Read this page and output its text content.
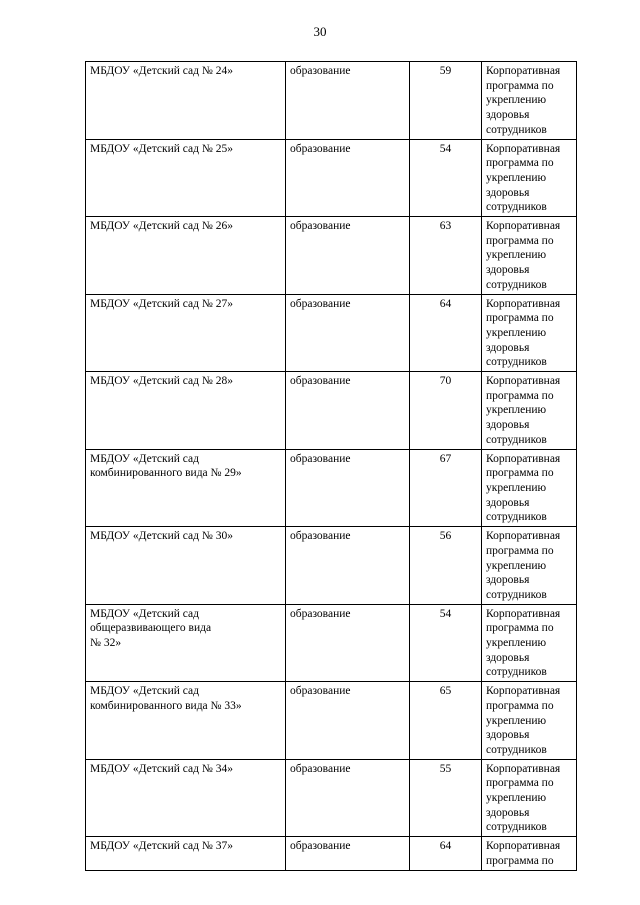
30
МБДОУ «Детский сад № 24»	образование	59	Корпоративная
программа по
укреплению
здоровья
сотрудников

МБДОУ «Детский сад № 25»	образование	54	Корпоративная
программа по
укреплению
здоровья
сотрудников

МБДОУ «Детский сад № 26»	образование	63	Корпоративная
программа по
укреплению
здоровья
сотрудников

МБДОУ «Детский сад № 27»	образование	64	Корпоративная
программа по
укреплению
здоровья
сотрудников

МБДОУ «Детский сад № 28»	образование	70	Корпоративная
программа по
укреплению
здоровья
сотрудников

МБДОУ «Детский сад
комбинированного вида № 29»	образование	67	Корпоративная
программа по
укреплению
здоровья
сотрудников

МБДОУ «Детский сад № 30»	образование	56	Корпоративная
программа по
укреплению
здоровья
сотрудников

МБДОУ «Детский сад
общеразвивающего вида
№ 32»	образование	54	Корпоративная
программа по
укреплению
здоровья
сотрудников

МБДОУ «Детский сад
комбинированного вида № 33»	образование	65	Корпоративная
программа по
укреплению
здоровья
сотрудников

МБДОУ «Детский сад № 34»	образование	55	Корпоративная
программа по
укреплению
здоровья
сотрудников

МБДОУ «Детский сад № 37»	образование	64	Корпоративная
программа по
